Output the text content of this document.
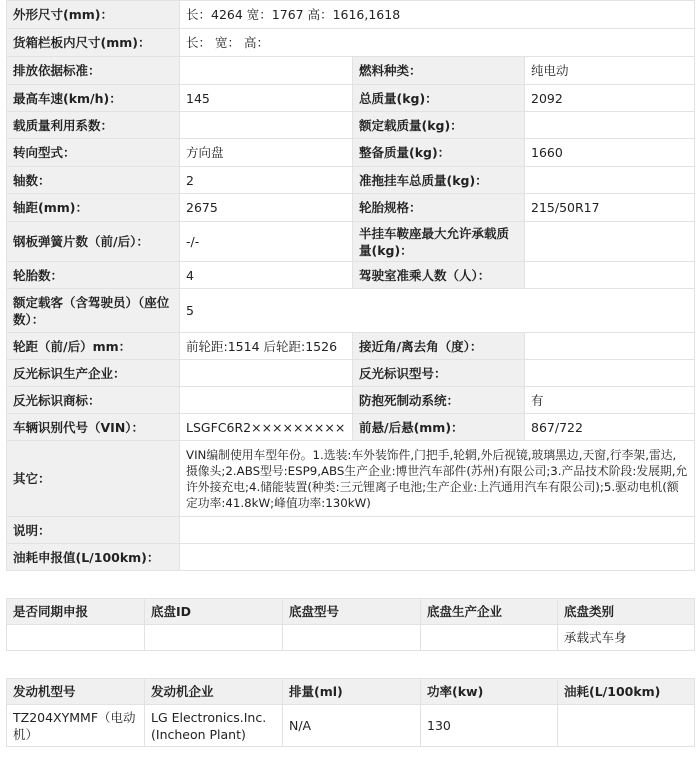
外形尺寸(mm)：	长：4264 宽：1767 高：1616,1618		
货箱栏板内尺寸(mm)：	长： 宽： 高：		
排放依据标准：		燃料种类：	纯电动
最高车速(km/h)：	145	总质量(kg)：	2092
载质量利用系数：		额定载质量(kg)：	
转向型式：	方向盘	整备质量(kg)：	1660
轴数：	2	准拖挂车总质量(kg)：	
轴距(mm)：	2675	轮胎规格：	215/50R17
钢板弹簧片数（前/后）：	-/-	半挂车鞍座最大允许承载质量(kg)：	
轮胎数：	4	驾驶室准乘人数（人）：	
额定载客（含驾驶员）（座位数）：	5		
轮距（前/后）mm：	前轮距:1514 后轮距:1526	接近角/离去角（度）：	
反光标识生产企业：		反光标识型号：	
反光标识商标：		防抱死制动系统：	有
车辆识别代号（VIN）：	LSGFC6R2×××××××××	前悬/后悬(mm)：	867/722
其它：	VIN编制使用车型年份。1.选装:车外装饰件,门把手,轮辋,外后视镜,玻璃黑边,天窗,行李架,雷达,摄像头;2.ABS型号:ESP9,ABS生产企业:博世汽车部件(苏州)有限公司;3.产品技术阶段:发展期,允许外接充电;4.储能装置(种类:三元锂离子电池;生产企业:上汽通用汽车有限公司);5.驱动电机(额定功率:41.8kW;峰值功率:130kW)		
说明：			
油耗申报值(L/100km)：			
是否同期申报	底盘ID	底盘型号	底盘生产企业	底盘类别
				承载式车身
发动机型号	发动机企业	排量(ml)	功率(kw)	油耗(L/100km)
TZ204XYMMF（电动机）	LG Electronics.Inc.(Incheon Plant)	N/A	130	
